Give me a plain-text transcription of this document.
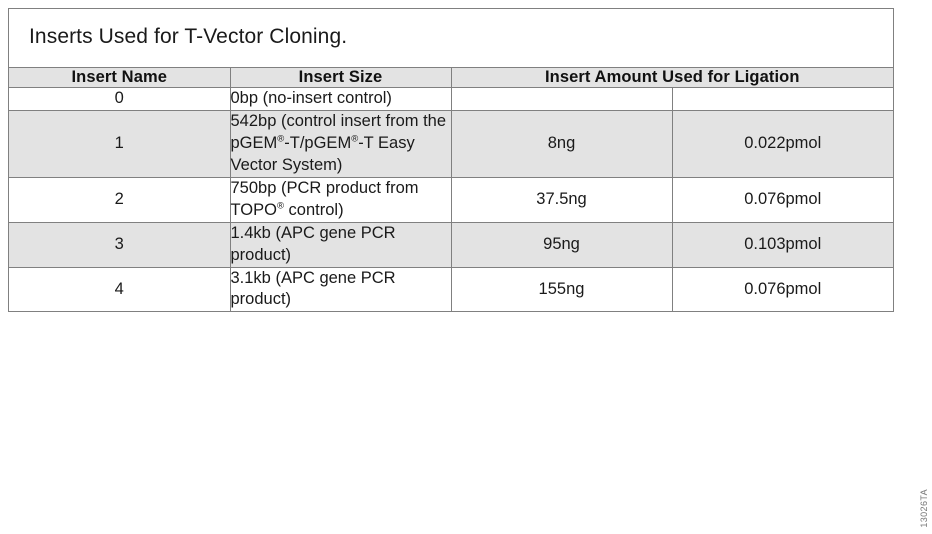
Inserts Used for T-Vector Cloning.			
Insert Name	Insert Size	Insert Amount Used for Ligation	
0	0bp (no-insert control)		
1	542bp (control insert from the pGEM®-T/pGEM®-T Easy Vector System)	8ng	0.022pmol
2	750bp (PCR product from TOPO® control)	37.5ng	0.076pmol
3	1.4kb (APC gene PCR product)	95ng	0.103pmol
4	3.1kb (APC gene PCR product)	155ng	0.076pmol
13026TA
